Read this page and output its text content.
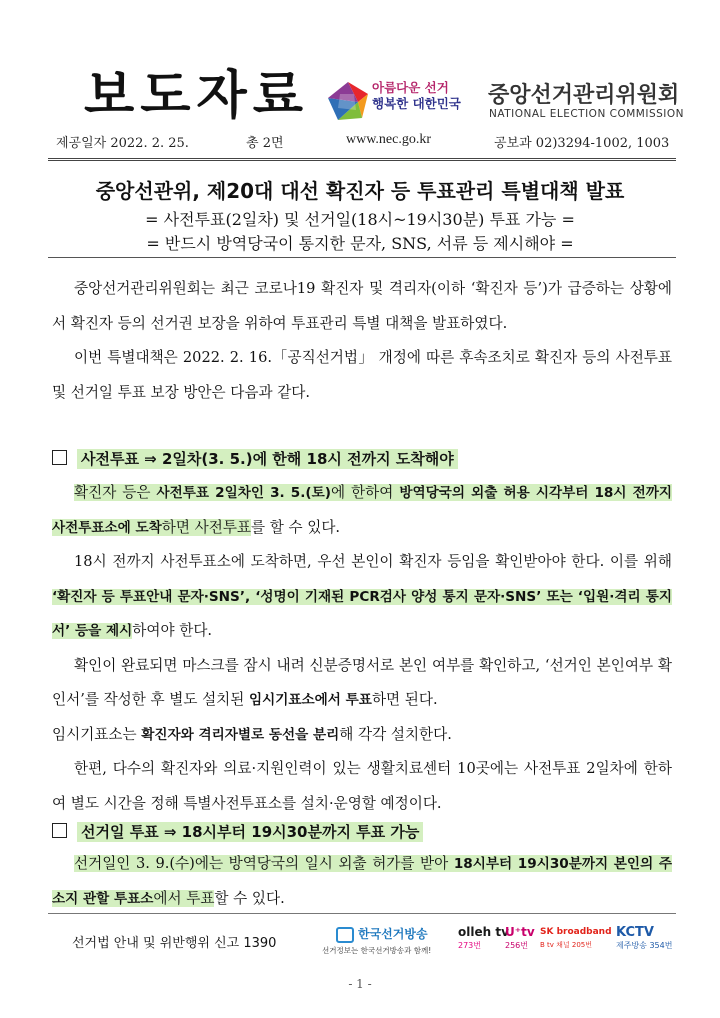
보도자료	아름다운 선거
행복한 대한민국 중앙선거관리위원회
NATIONAL ELECTION COMMISSION
제공일자 2022. 2. 25.	총 2면	www.nec.go.kr	공보과 02)3294-1002, 1003
중앙선관위, 제20대 대선 확진자 등 투표관리 특별대책 발표
= 사전투표(2일차) 및 선거일(18시~19시30분) 투표 가능 =
= 반드시 방역당국이 통지한 문자, SNS, 서류 등 제시해야 =

중앙선거관리위원회는 최근 코로나19 확진자 및 격리자(이하 ‘확진자 등’)가 급증하는 상황에서 확진자 등의 선거권 보장을 위하여 투표관리 특별 대책을 발표하였다.

이번 특별대책은 2022. 2. 16.「공직선거법」 개정에 따른 후속조치로 확진자 등의 사전투표 및 선거일 투표 보장 방안은 다음과 같다.

사전투표 ⇒ 2일차(3. 5.)에 한해 18시 전까지 도착해야

확진자 등은 사전투표 2일차인 3. 5.(토)에 한하여 방역당국의 외출 허용 시각부터 18시 전까지 사전투표소에 도착하면 사전투표를 할 수 있다.

18시 전까지 사전투표소에 도착하면, 우선 본인이 확진자 등임을 확인받아야 한다. 이를 위해 ‘확진자 등 투표안내 문자·SNS’, ‘성명이 기재된 PCR검사 양성 통지 문자·SNS’ 또는 ‘입원·격리 통지서’ 등을 제시하여야 한다.

확인이 완료되면 마스크를 잠시 내려 신분증명서로 본인 여부를 확인하고, ‘선거인 본인여부 확인서’를 작성한 후 별도 설치된 임시기표소에서 투표하면 된다.

임시기표소는 확진자와 격리자별로 동선을 분리해 각각 설치한다.

한편, 다수의 확진자와 의료·지원인력이 있는 생활치료센터 10곳에는 사전투표 2일차에 한하여 별도 시간을 정해 특별사전투표소를 설치·운영할 예정이다.

선거일 투표 ⇒ 18시부터 19시30분까지 투표 가능

선거일인 3. 9.(수)에는 방역당국의 일시 외출 허가를 받아 18시부터 19시30분까지 본인의 주소지 관할 투표소에서 투표할 수 있다.

선거법 안내 및 위반행위 신고 1390
한국선거방송
선거정보는 한국선거방송과 함께!
olleh tv
273번
U⁺tv
256번
SK broadband
B tv 채널 205번
KCTV
제주방송 354번
- 1 -
